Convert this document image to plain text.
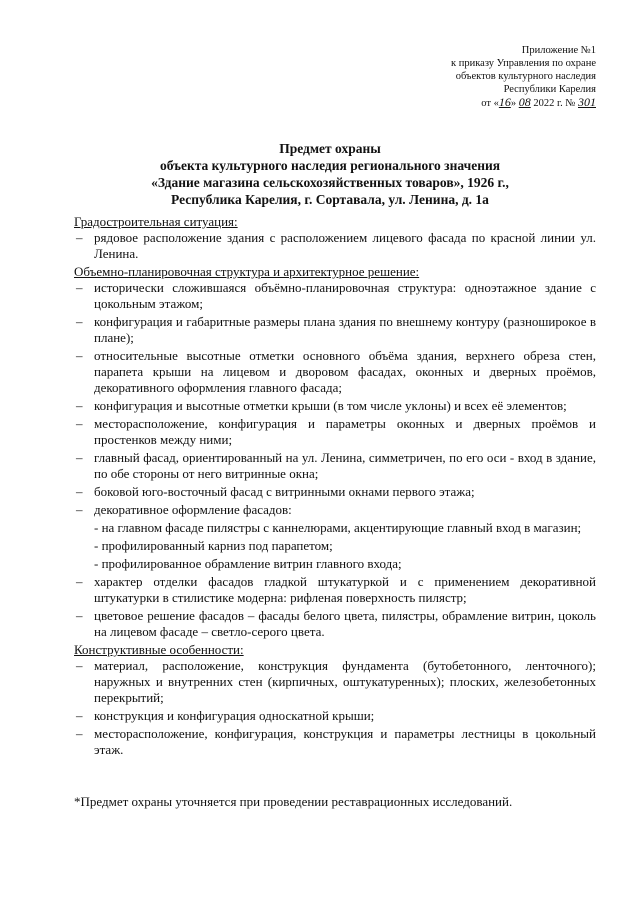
Приложение №1
к приказу Управления по охране
объектов культурного наследия
Республики Карелия
от «16» 08 2022 г. № 301
Предмет охраны
объекта культурного наследия регионального значения
«Здание магазина сельскохозяйственных товаров», 1926 г.,
Республика Карелия, г. Сортавала, ул. Ленина, д. 1а

Градостроительная ситуация:

– рядовое расположение здания с расположением лицевого фасада по красной линии ул. Ленина.

Объемно-планировочная структура и архитектурное решение:

– исторически сложившаяся объёмно-планировочная структура: одноэтажное здание с цокольным этажом;
– конфигурация и габаритные размеры плана здания по внешнему контуру (разноширокое в плане);
– относительные высотные отметки основного объёма здания, верхнего обреза стен, парапета крыши на лицевом и дворовом фасадах, оконных и дверных проёмов, декоративного оформления главного фасада;
– конфигурация и высотные отметки крыши (в том числе уклоны) и всех её элементов;
– месторасположение, конфигурация и параметры оконных и дверных проёмов и простенков между ними;
– главный фасад, ориентированный на ул. Ленина, симметричен, по его оси - вход в здание, по обе стороны от него витринные окна;
– боковой юго-восточный фасад с витринными окнами первого этажа;
– декоративное оформление фасадов:
- на главном фасаде пилястры с каннелюрами, акцентирующие главный вход в магазин;
- профилированный карниз под парапетом;
- профилированное обрамление витрин главного входа;
– характер отделки фасадов гладкой штукатуркой и с применением декоративной штукатурки в стилистике модерна: рифленая поверхность пилястр;
– цветовое решение фасадов – фасады белого цвета, пилястры, обрамление витрин, цоколь на лицевом фасаде – светло-серого цвета.

Конструктивные особенности:

– материал, расположение, конструкция фундамента (бутобетонного, ленточного); наружных и внутренних стен (кирпичных, оштукатуренных); плоских, железобетонных перекрытий;
– конструкция и конфигурация односкатной крыши;
– месторасположение, конфигурация, конструкция и параметры лестницы в цокольный этаж.
*Предмет охраны уточняется при проведении реставрационных исследований.
